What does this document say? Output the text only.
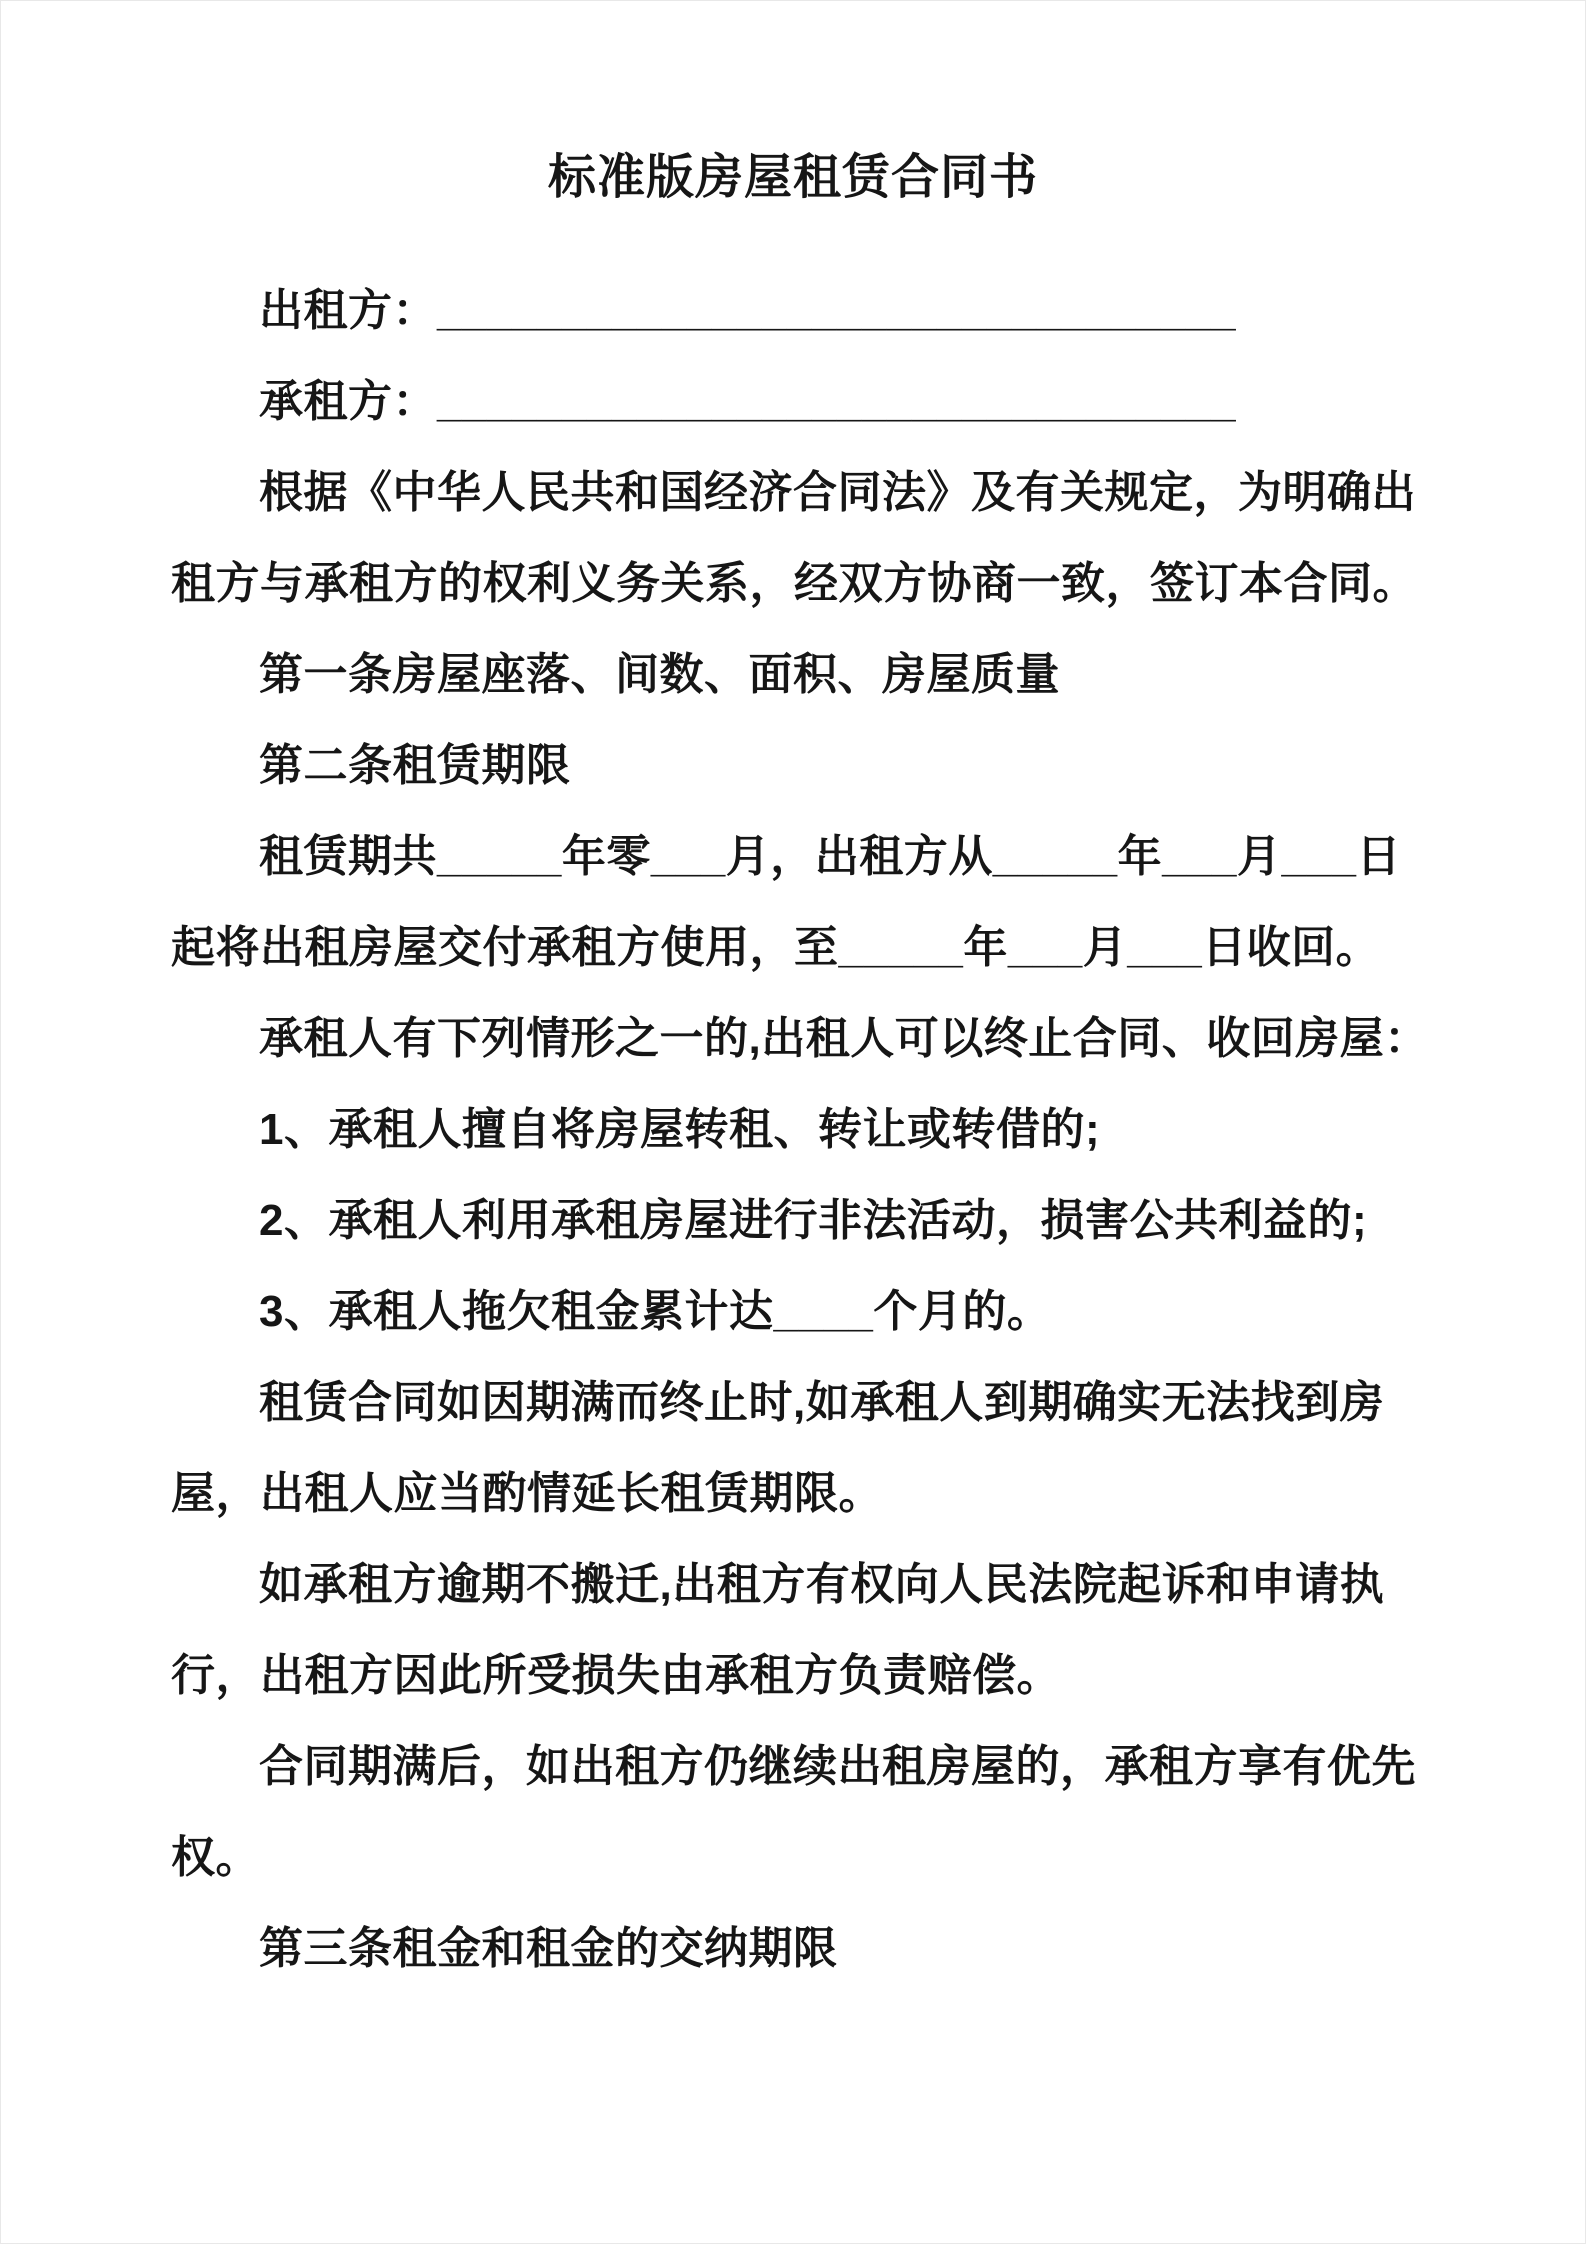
标准版房屋租赁合同书
出租方：________________________________
承租方：________________________________
根据《中华人民共和国经济合同法》及有关规定，为明确出
租方与承租方的权利义务关系，经双方协商一致，签订本合同。
第一条房屋座落、间数、面积、房屋质量
第二条租赁期限
租赁期共_____年零___月，出租方从_____年___月___日
起将出租房屋交付承租方使用，至_____年___月___日收回。
承租人有下列情形之一的,出租人可以终止合同、收回房屋：
1、承租人擅自将房屋转租、转让或转借的;
2、承租人利用承租房屋进行非法活动，损害公共利益的;
3、承租人拖欠租金累计达____个月的。
租赁合同如因期满而终止时,如承租人到期确实无法找到房
屋，出租人应当酌情延长租赁期限。
如承租方逾期不搬迁,出租方有权向人民法院起诉和申请执
行，出租方因此所受损失由承租方负责赔偿。
合同期满后，如出租方仍继续出租房屋的，承租方享有优先
权。
第三条租金和租金的交纳期限
